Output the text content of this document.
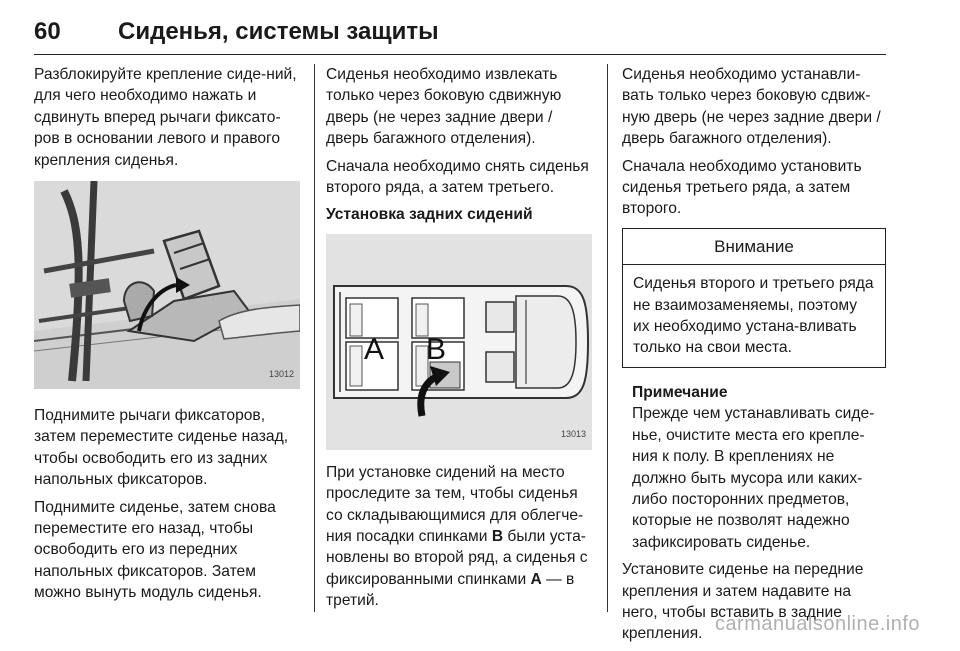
60 Сиденья, системы защиты

Разблокируйте крепление сиде-ний, для чего необходимо нажать и сдвинуть вперед рычаги фиксато-ров в основании левого и правого крепления сиденья.

13012

Поднимите рычаги фиксаторов, затем переместите сиденье назад, чтобы освободить его из задних напольных фиксаторов.

Поднимите сиденье, затем снова переместите его назад, чтобы освободить его из передних напольных фиксаторов. Затем можно вынуть модуль сиденья.

Сиденья необходимо извлекать только через боковую сдвижную дверь (не через задние двери / дверь багажного отделения).

Сначала необходимо снять сиденья второго ряда, а затем третьего.

Установка задних сидений

A B
13013

При установке сидений на место проследите за тем, чтобы сиденья со складывающимися для облегче-ния посадки спинками B были уста-новлены во второй ряд, а сиденья с фиксированными спинками A — в третий.

Сиденья необходимо устанавли-вать только через боковую сдвиж-ную дверь (не через задние двери / дверь багажного отделения).

Сначала необходимо установить сиденья третьего ряда, а затем второго.

Внимание
Сиденья второго и третьего ряда не взаимозаменяемы, поэтому их необходимо устана-вливать только на свои места.
Примечание
Прежде чем устанавливать сиде-нье, очистите места его крепле-ния к полу. В креплениях не должно быть мусора или каких-либо посторонних предметов, которые не позволят надежно зафиксировать сиденье.

Установите сиденье на передние крепления и затем надавите на него, чтобы вставить в задние крепления. carmanualsonline.info
